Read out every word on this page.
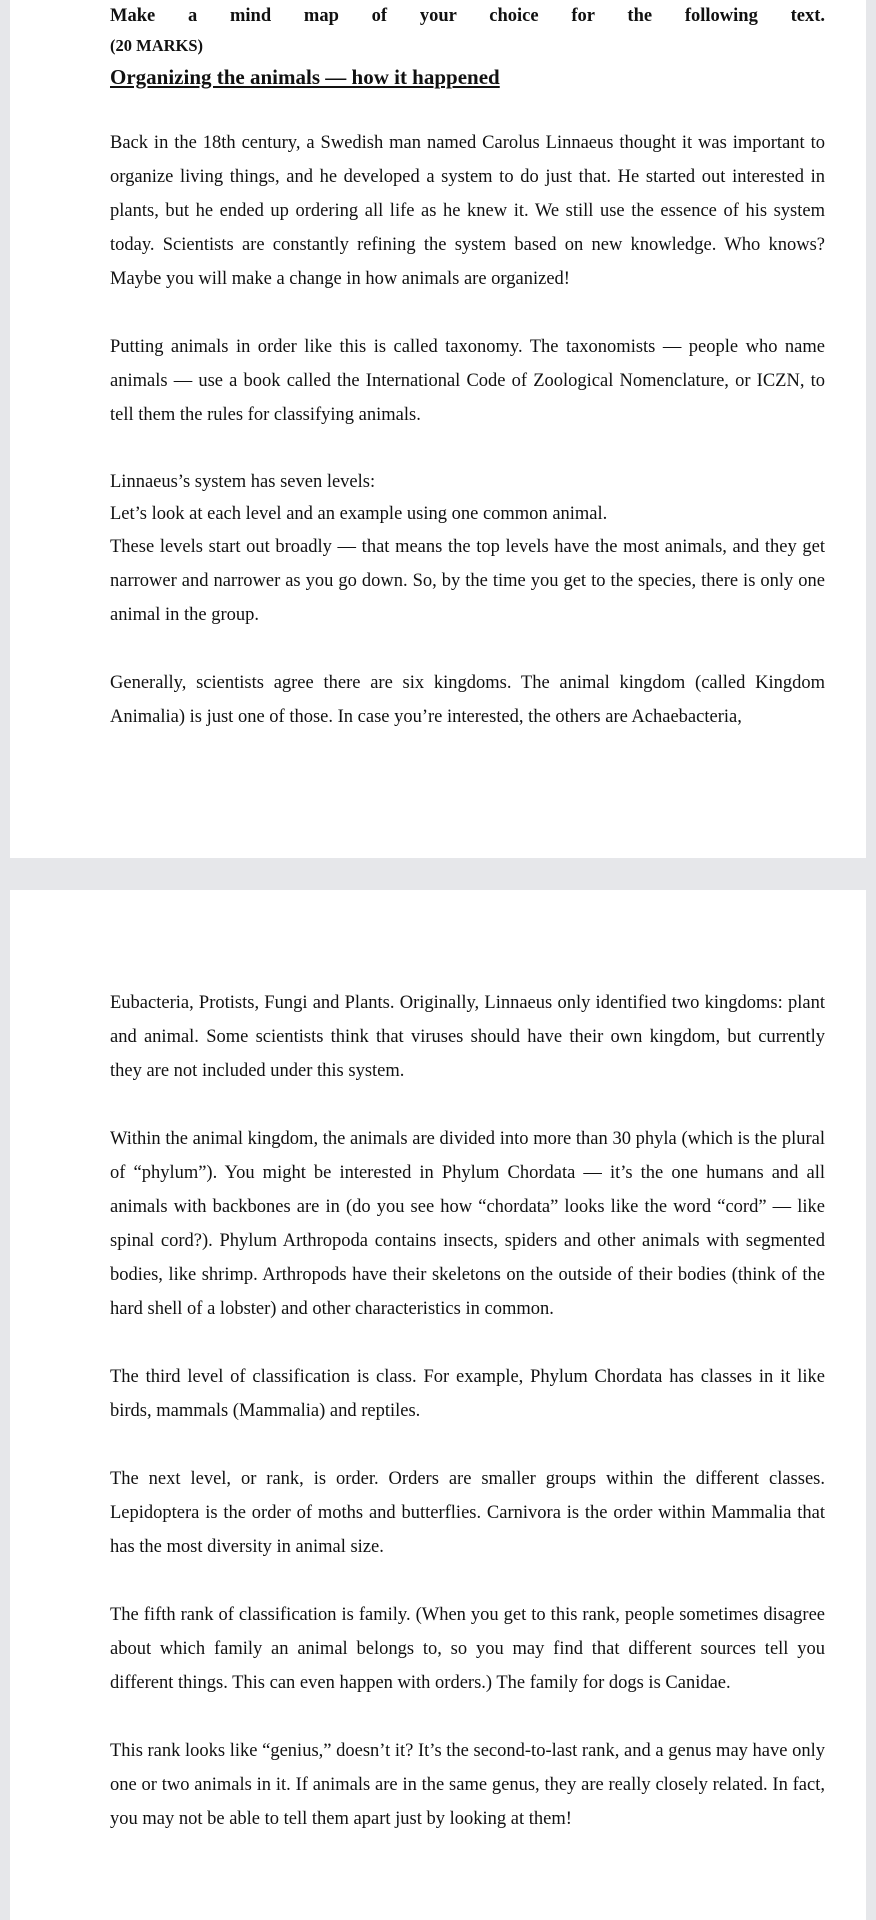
Make a mind map of your choice for the following text.

(20 MARKS)

Organizing the animals — how it happened

Back in the 18th century, a Swedish man named Carolus Linnaeus thought it was important to organize living things, and he developed a system to do just that. He started out interested in plants, but he ended up ordering all life as he knew it. We still use the essence of his system today. Scientists are constantly refining the system based on new knowledge. Who knows? Maybe you will make a change in how animals are organized!

Putting animals in order like this is called taxonomy. The taxonomists — people who name animals — use a book called the International Code of Zoological Nomenclature, or ICZN, to tell them the rules for classifying animals.

Linnaeus’s system has seven levels:

Let’s look at each level and an example using one common animal.

These levels start out broadly — that means the top levels have the most animals, and they get narrower and narrower as you go down. So, by the time you get to the species, there is only one animal in the group.

Generally, scientists agree there are six kingdoms. The animal kingdom (called Kingdom Animalia) is just one of those. In case you’re interested, the others are Achaebacteria,

Eubacteria, Protists, Fungi and Plants. Originally, Linnaeus only identified two kingdoms: plant and animal. Some scientists think that viruses should have their own kingdom, but currently they are not included under this system.

Within the animal kingdom, the animals are divided into more than 30 phyla (which is the plural of “phylum”). You might be interested in Phylum Chordata — it’s the one humans and all animals with backbones are in (do you see how “chordata” looks like the word “cord” — like spinal cord?). Phylum Arthropoda contains insects, spiders and other animals with segmented bodies, like shrimp. Arthropods have their skeletons on the outside of their bodies (think of the hard shell of a lobster) and other characteristics in common.

The third level of classification is class. For example, Phylum Chordata has classes in it like birds, mammals (Mammalia) and reptiles.

The next level, or rank, is order. Orders are smaller groups within the different classes. Lepidoptera is the order of moths and butterflies. Carnivora is the order within Mammalia that has the most diversity in animal size.

The fifth rank of classification is family. (When you get to this rank, people sometimes disagree about which family an animal belongs to, so you may find that different sources tell you different things. This can even happen with orders.) The family for dogs is Canidae.

This rank looks like “genius,” doesn’t it? It’s the second-to-last rank, and a genus may have only one or two animals in it. If animals are in the same genus, they are really closely related. In fact, you may not be able to tell them apart just by looking at them!
